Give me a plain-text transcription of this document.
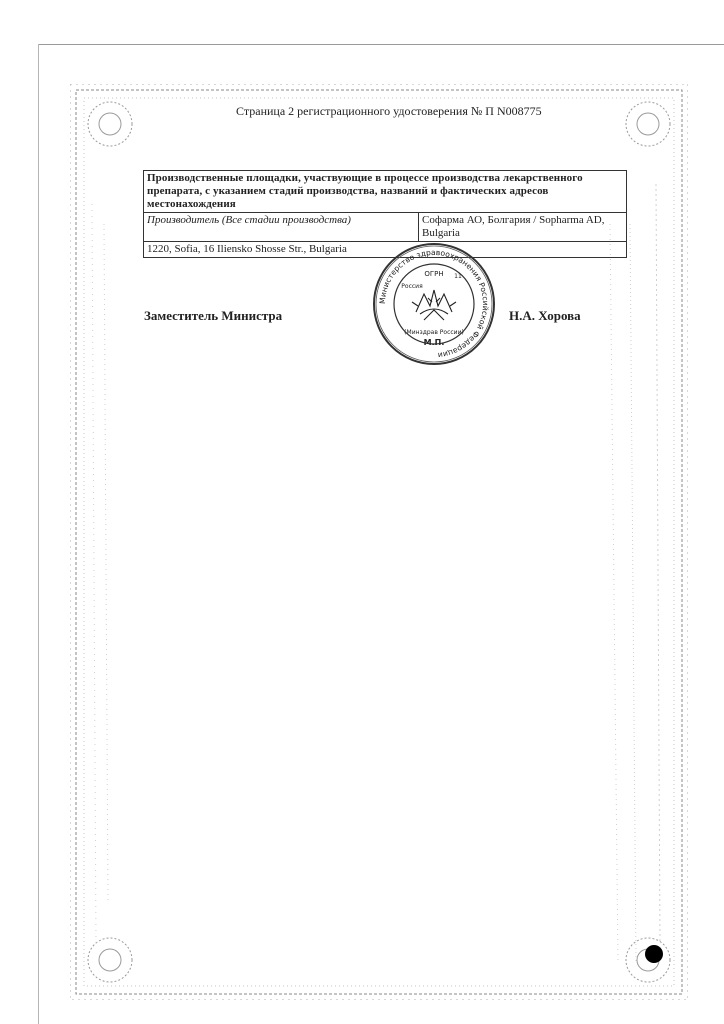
Страница 2 регистрационного удостоверения № П N008775
Производственные площадки, участвующие в процессе производства лекарственного препарата, с указанием стадий производства, названий и фактических адресов местонахождения
Производитель (Все стадии производства)	Софарма АО, Болгария / Sopharma AD, Bulgaria
1220, Sofia, 16 Iliensko Shosse Str., Bulgaria
Заместитель Министра	Н.А. Хорова
Министерство здравоохранения Российской Федерации
ОГРН 11
Россия
(Минздрав России)
М.П.
